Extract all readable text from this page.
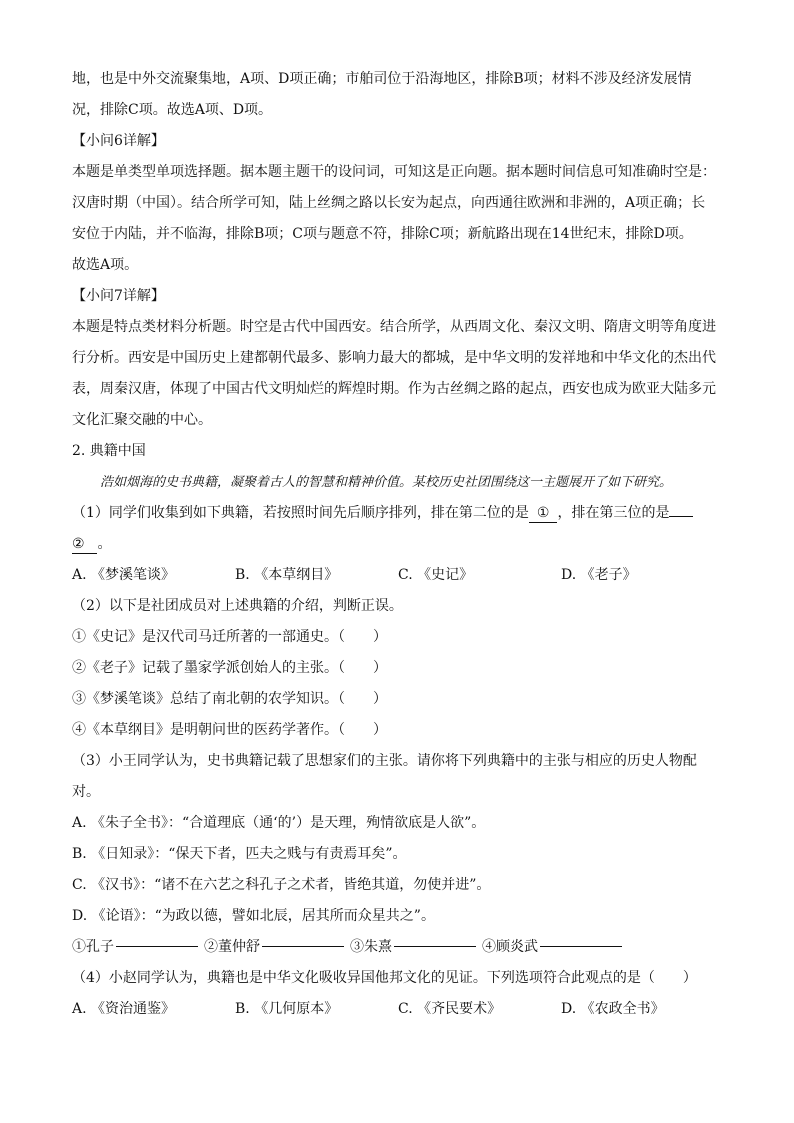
地，也是中外交流聚集地，A项、D项正确；市舶司位于沿海地区，排除B项；材料不涉及经济发展情

况，排除C项。故选A项、D项。

【小问6详解】

本题是单类型单项选择题。据本题主题干的设问词，可知这是正向题。据本题时间信息可知准确时空是：

汉唐时期（中国）。结合所学可知，陆上丝绸之路以长安为起点，向西通往欧洲和非洲的，A项正确；长

安位于内陆，并不临海，排除B项；C项与题意不符，排除C项；新航路出现在14世纪末，排除D项。

故选A项。

【小问7详解】

本题是特点类材料分析题。时空是古代中国西安。结合所学，从西周文化、秦汉文明、隋唐文明等角度进

行分析。西安是中国历史上建都朝代最多、影响力最大的都城，是中华文明的发祥地和中华文化的杰出代

表，周秦汉唐，体现了中国古代文明灿烂的辉煌时期。作为古丝绸之路的起点，西安也成为欧亚大陆多元

文化汇聚交融的中心。

2. 典籍中国

浩如烟海的史书典籍，凝聚着古人的智慧和精神价值。某校历史社团围绕这一主题展开了如下研究。

（1）同学们收集到如下典籍，若按照时间先后顺序排列，排在第二位的是 ① ，排在第三位的是

② 。

A. 《梦溪笔谈》	B. 《本草纲目》	C. 《史记》	D. 《老子》

（2）以下是社团成员对上述典籍的介绍，判断正误。

①《史记》是汉代司马迁所著的一部通史。（　　）

②《老子》记载了墨家学派创始人的主张。（　　）

③《梦溪笔谈》总结了南北朝的农学知识。（　　）

④《本草纲目》是明朝问世的医药学著作。（　　）

（3）小王同学认为，史书典籍记载了思想家们的主张。请你将下列典籍中的主张与相应的历史人物配

对。

A. 《朱子全书》：“合道理底（通‘的’）是天理，殉情欲底是人欲”。

B. 《日知录》：“保天下者，匹夫之贱与有责焉耳矣”。

C. 《汉书》：“诸不在六艺之科孔子之术者，皆绝其道，勿使并进”。

D. 《论语》：“为政以德，譬如北辰，居其所而众星共之”。

①孔子	②董仲舒	③朱熹	④顾炎武

（4）小赵同学认为，典籍也是中华文化吸收异国他邦文化的见证。下列选项符合此观点的是（　　）

A. 《资治通鉴》	B. 《几何原本》	C. 《齐民要术》	D. 《农政全书》
